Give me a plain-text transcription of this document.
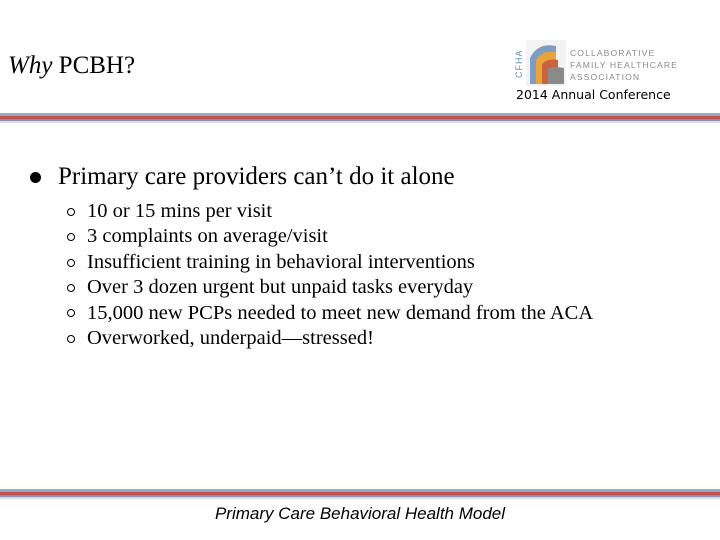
Why PCBH?	CFHA	COLLABORATIVE
FAMILY HEALTHCARE
ASSOCIATION
2014 Annual Conference
Primary care providers can’t do it alone
10 or 15 mins per visit
3 complaints on average/visit
Insufficient training in behavioral interventions
Over 3 dozen urgent but unpaid tasks everyday
15,000 new PCPs needed to meet new demand from the ACA
Overworked, underpaid—stressed!
Primary Care Behavioral Health Model
